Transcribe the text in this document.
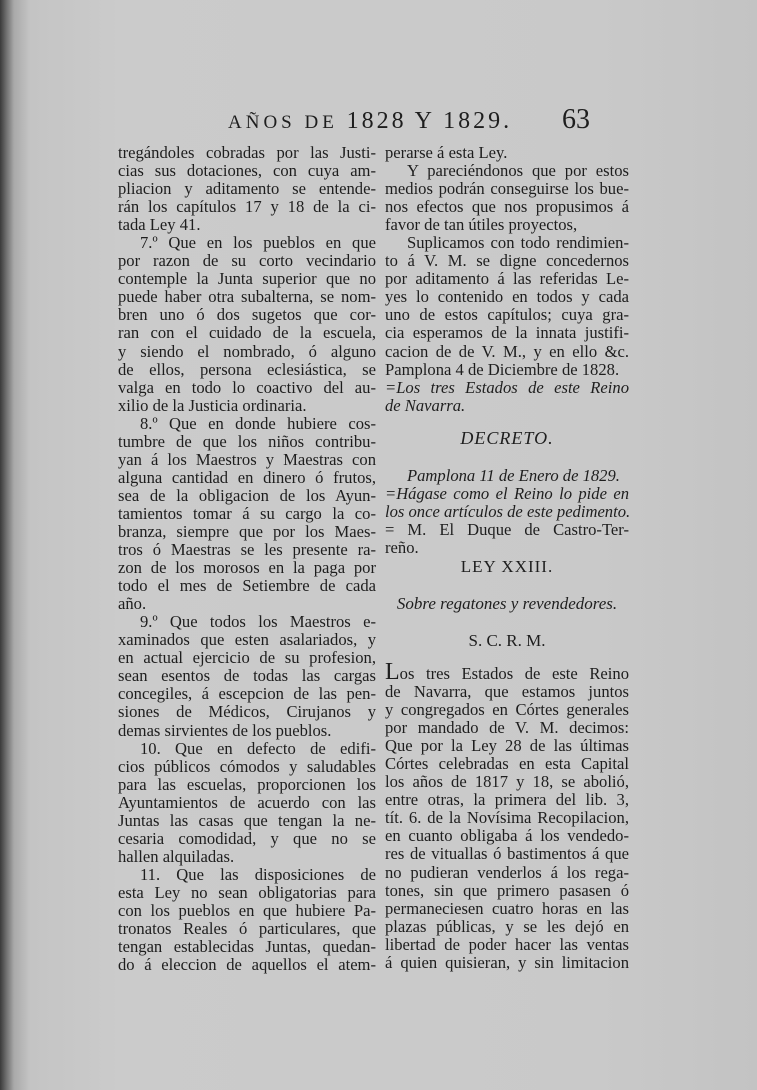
AÑOS DE 1828 Y 1829. 63
tregándoles cobradas por las Justi-
cias sus dotaciones, con cuya am-
pliacion y aditamento se entende-
rán los capítulos 17 y 18 de la ci-
tada Ley 41.
7.º Que en los pueblos en que
por razon de su corto vecindario
contemple la Junta superior que no
puede haber otra subalterna, se nom-
bren uno ó dos sugetos que cor-
ran con el cuidado de la escuela,
y siendo el nombrado, ó alguno
de ellos, persona eclesiástica, se
valga en todo lo coactivo del au-
xilio de la Justicia ordinaria.
8.º Que en donde hubiere cos-
tumbre de que los niños contribu-
yan á los Maestros y Maestras con
alguna cantidad en dinero ó frutos,
sea de la obligacion de los Ayun-
tamientos tomar á su cargo la co-
branza, siempre que por los Maes-
tros ó Maestras se les presente ra-
zon de los morosos en la paga por
todo el mes de Setiembre de cada
año.
9.º Que todos los Maestros e-
xaminados que esten asalariados, y
en actual ejercicio de su profesion,
sean esentos de todas las cargas
concegiles, á escepcion de las pen-
siones de Médicos, Cirujanos y
demas sirvientes de los pueblos.
10. Que en defecto de edifi-
cios públicos cómodos y saludables
para las escuelas, proporcionen los
Ayuntamientos de acuerdo con las
Juntas las casas que tengan la ne-
cesaria comodidad, y que no se
hallen alquiladas.
11. Que las disposiciones de
esta Ley no sean obligatorias para
con los pueblos en que hubiere Pa-
tronatos Reales ó particulares, que
tengan establecidas Juntas, quedan-
do á eleccion de aquellos el atem-
perarse á esta Ley.
Y pareciéndonos que por estos
medios podrán conseguirse los bue-
nos efectos que nos propusimos á
favor de tan útiles proyectos,
Suplicamos con todo rendimien-
to á V. M. se digne concedernos
por aditamento á las referidas Le-
yes lo contenido en todos y cada
uno de estos capítulos; cuya gra-
cia esperamos de la innata justifi-
cacion de de V. M., y en ello &c.
Pamplona 4 de Diciembre de 1828.
=Los tres Estados de este Reino
de Navarra.
DECRETO.
Pamplona 11 de Enero de 1829.
=Hágase como el Reino lo pide en
los once artículos de este pedimento.
= M. El Duque de Castro-Ter-
reño.
LEY XXIII.
Sobre regatones y revendedores.
S. C. R. M.
Los tres Estados de este Reino
de Navarra, que estamos juntos
y congregados en Córtes generales
por mandado de V. M. decimos:
Que por la Ley 28 de las últimas
Córtes celebradas en esta Capital
los años de 1817 y 18, se abolió,
entre otras, la primera del lib. 3,
tít. 6. de la Novísima Recopilacion,
en cuanto obligaba á los vendedo-
res de vituallas ó bastimentos á que
no pudieran venderlos á los rega-
tones, sin que primero pasasen ó
permaneciesen cuatro horas en las
plazas públicas, y se les dejó en
libertad de poder hacer las ventas
á quien quisieran, y sin limitacion
